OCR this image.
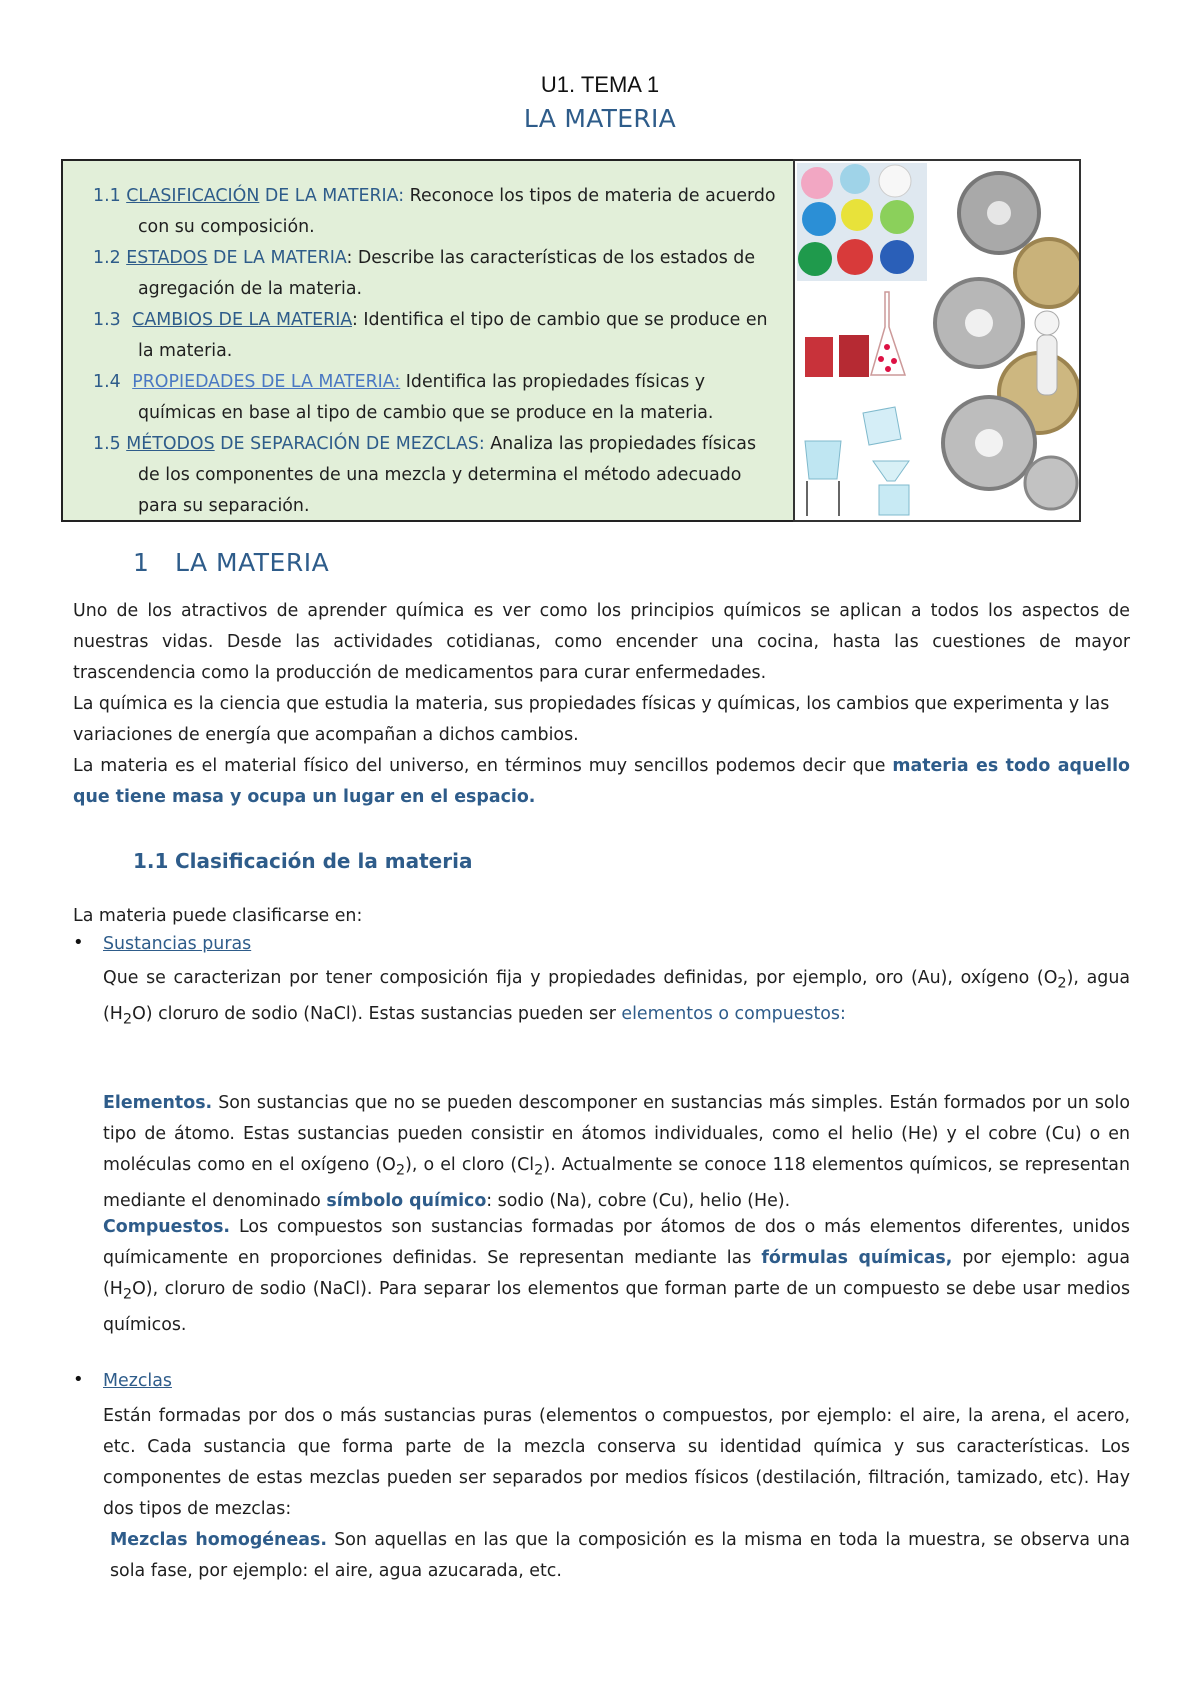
U1. TEMA 1
LA MATERIA
1.1 CLASIFICACIÓN DE LA MATERIA: Reconoce los tipos de materia de acuerdo con su composición.
1.2 ESTADOS DE LA MATERIA: Describe las características de los estados de agregación de la materia.
1.3 CAMBIOS DE LA MATERIA: Identifica el tipo de cambio que se produce en la materia.
1.4 PROPIEDADES DE LA MATERIA: Identifica las propiedades físicas y químicas en base al tipo de cambio que se produce en la materia.
1.5 MÉTODOS DE SEPARACIÓN DE MEZCLAS: Analiza las propiedades físicas de los componentes de una mezcla y determina el método adecuado para su separación.
1 LA MATERIA
Uno de los atractivos de aprender química es ver como los principios químicos se aplican a todos los aspectos de nuestras vidas. Desde las actividades cotidianas, como encender una cocina, hasta las cuestiones de mayor trascendencia como la producción de medicamentos para curar enfermedades.
La química es la ciencia que estudia la materia, sus propiedades físicas y químicas, los cambios que experimenta y las variaciones de energía que acompañan a dichos cambios.
La materia es el material físico del universo, en términos muy sencillos podemos decir que materia es todo aquello que tiene masa y ocupa un lugar en el espacio.
1.1 Clasificación de la materia
La materia puede clasificarse en:
• Sustancias puras
Que se caracterizan por tener composición fija y propiedades definidas, por ejemplo, oro (Au), oxígeno $(O_2)$, agua $(H_2O)$ cloruro de sodio (NaCl). Estas sustancias pueden ser elementos o compuestos:
Elementos. Son sustancias que no se pueden descomponer en sustancias más simples. Están formados por un solo tipo de átomo. Estas sustancias pueden consistir en átomos individuales, como el helio (He) y el cobre (Cu) o en moléculas como en el oxígeno $(O_2)$, o el cloro $(Cl_2)$. Actualmente se conoce 118 elementos químicos, se representan mediante el denominado símbolo químico: sodio (Na), cobre (Cu), helio (He).
Compuestos. Los compuestos son sustancias formadas por átomos de dos o más elementos diferentes, unidos químicamente en proporciones definidas. Se representan mediante las fórmulas químicas, por ejemplo: agua $(H_2O)$, cloruro de sodio (NaCl). Para separar los elementos que forman parte de un compuesto se debe usar medios químicos.
• Mezclas
Están formadas por dos o más sustancias puras (elementos o compuestos, por ejemplo: el aire, la arena, el acero, etc. Cada sustancia que forma parte de la mezcla conserva su identidad química y sus características. Los componentes de estas mezclas pueden ser separados por medios físicos (destilación, filtración, tamizado, etc). Hay dos tipos de mezclas:
Mezclas homogéneas. Son aquellas en las que la composición es la misma en toda la muestra, se observa una sola fase, por ejemplo: el aire, agua azucarada, etc.
